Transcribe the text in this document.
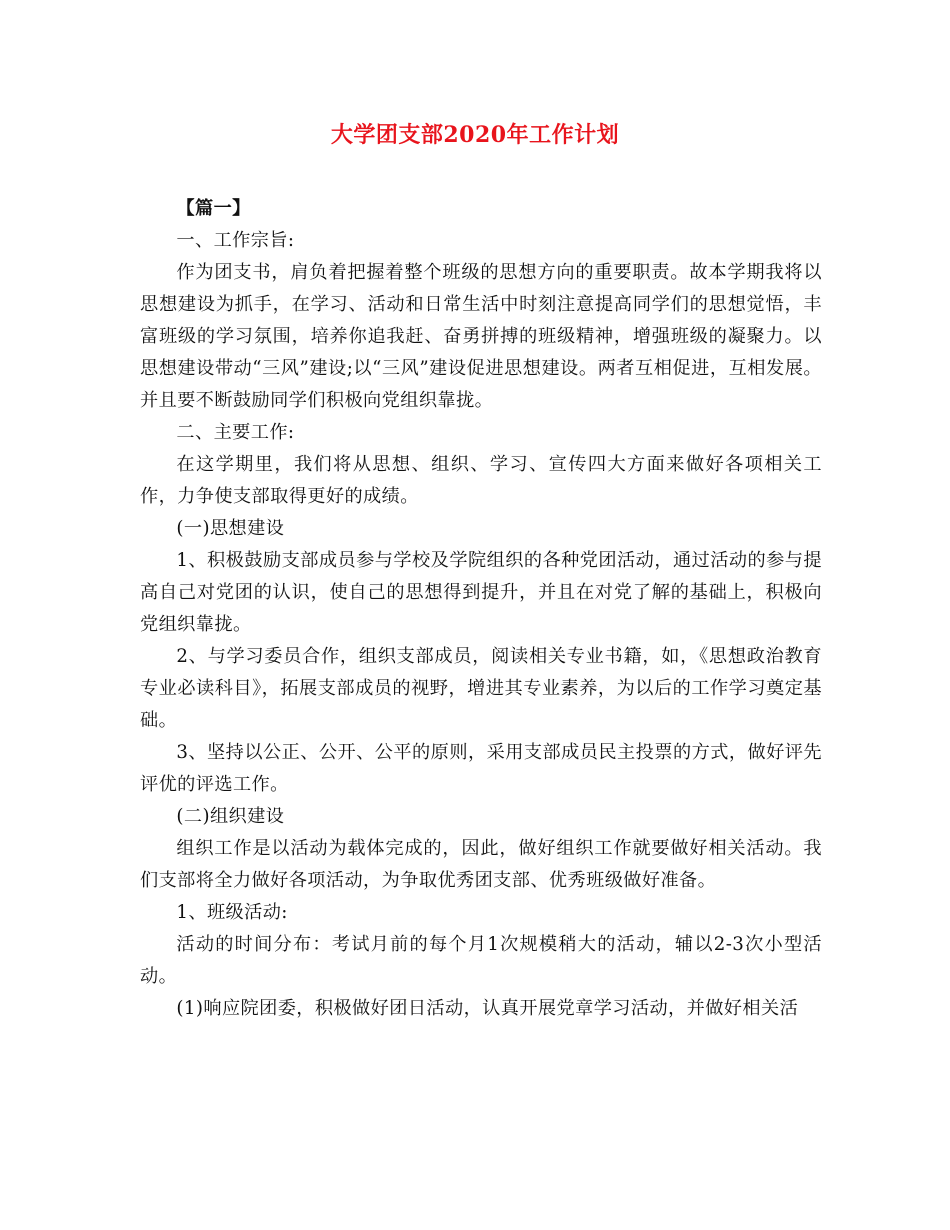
大学团支部2020年工作计划

【篇一】

一、工作宗旨:

作为团支书，肩负着把握着整个班级的思想方向的重要职责。故本学期我将以思想建设为抓手，在学习、活动和日常生活中时刻注意提高同学们的思想觉悟，丰富班级的学习氛围，培养你追我赶、奋勇拼搏的班级精神，增强班级的凝聚力。以思想建设带动“三风”建设;以“三风”建设促进思想建设。两者互相促进，互相发展。并且要不断鼓励同学们积极向党组织靠拢。

二、主要工作:

在这学期里，我们将从思想、组织、学习、宣传四大方面来做好各项相关工作，力争使支部取得更好的成绩。

(一)思想建设

1、积极鼓励支部成员参与学校及学院组织的各种党团活动，通过活动的参与提高自己对党团的认识，使自己的思想得到提升，并且在对党了解的基础上，积极向党组织靠拢。

2、与学习委员合作，组织支部成员，阅读相关专业书籍，如，《思想政治教育专业必读科目》，拓展支部成员的视野，增进其专业素养，为以后的工作学习奠定基础。

3、坚持以公正、公开、公平的原则，采用支部成员民主投票的方式，做好评先评优的评选工作。

(二)组织建设

组织工作是以活动为载体完成的，因此，做好组织工作就要做好相关活动。我们支部将全力做好各项活动，为争取优秀团支部、优秀班级做好准备。

1、班级活动:

活动的时间分布：考试月前的每个月1次规模稍大的活动，辅以2-3次小型活动。

(1)响应院团委，积极做好团日活动，认真开展党章学习活动，并做好相关活
